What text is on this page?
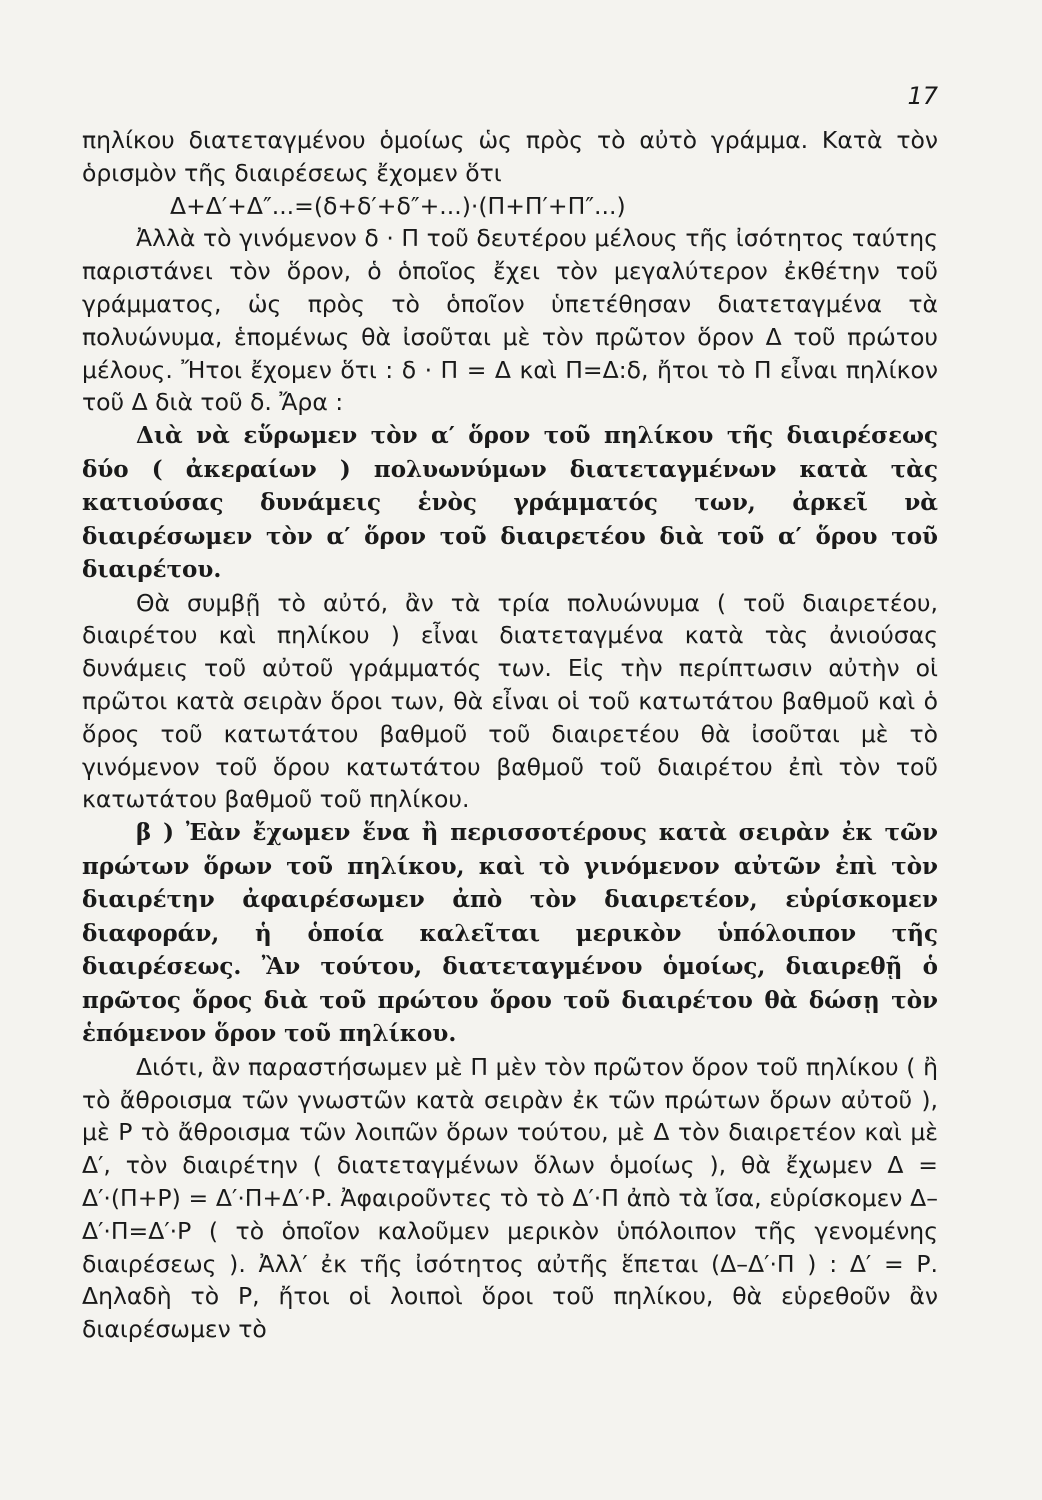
17

πηλίκου διατεταγμένου ὁμοίως ὡς πρὸς τὸ αὐτὸ γράμμα. Κατὰ τὸν ὁρισμὸν τῆς διαιρέσεως ἔχομεν ὅτι

Δ+Δ′+Δ″...=(δ+δ′+δ″+...)·(Π+Π′+Π″...)

Ἀλλὰ τὸ γινόμενον δ · Π τοῦ δευτέρου μέλους τῆς ἰσότητος ταύτης παριστάνει τὸν ὅρον, ὁ ὁποῖος ἔχει τὸν μεγαλύτερον ἐκθέτην τοῦ γράμματος, ὡς πρὸς τὸ ὁποῖον ὑπετέθησαν διατεταγμένα τὰ πολυώνυμα, ἑπομένως θὰ ἰσοῦται μὲ τὸν πρῶτον ὅρον Δ τοῦ πρώτου μέλους. Ἤτοι ἔχομεν ὅτι : δ · Π = Δ καὶ Π=Δ:δ, ἤτοι τὸ Π εἶναι πηλίκον τοῦ Δ διὰ τοῦ δ. Ἄρα :

Διὰ νὰ εὕρωμεν τὸν α′ ὅρον τοῦ πηλίκου τῆς διαιρέσεως δύο ( ἀκεραίων ) πολυωνύμων διατεταγμένων κατὰ τὰς κατιούσας δυνάμεις ἑνὸς γράμματός των, ἀρκεῖ νὰ διαιρέσωμεν τὸν α′ ὅρον τοῦ διαιρετέου διὰ τοῦ α′ ὅρου τοῦ διαιρέτου.

Θὰ συμβῇ τὸ αὐτό, ἂν τὰ τρία πολυώνυμα ( τοῦ διαιρετέου, διαιρέτου καὶ πηλίκου ) εἶναι διατεταγμένα κατὰ τὰς ἀνιούσας δυνάμεις τοῦ αὐτοῦ γράμματός των. Εἰς τὴν περίπτωσιν αὐτὴν οἱ πρῶτοι κατὰ σειρὰν ὅροι των, θὰ εἶναι οἱ τοῦ κατωτάτου βαθμοῦ καὶ ὁ ὅρος τοῦ κατωτάτου βαθμοῦ τοῦ διαιρετέου θὰ ἰσοῦται μὲ τὸ γινόμενον τοῦ ὅρου κατωτάτου βαθμοῦ τοῦ διαιρέτου ἐπὶ τὸν τοῦ κατωτάτου βαθμοῦ τοῦ πηλίκου.

β ) Ἐὰν ἔχωμεν ἕνα ἢ περισσοτέρους κατὰ σειρὰν ἐκ τῶν πρώτων ὅρων τοῦ πηλίκου, καὶ τὸ γινόμενον αὐτῶν ἐπὶ τὸν διαιρέτην ἀφαιρέσωμεν ἀπὸ τὸν διαιρετέον, εὑρίσκομεν διαφοράν, ἡ ὁποία καλεῖται μερικὸν ὑπόλοιπον τῆς διαιρέσεως. Ἂν τούτου, διατεταγμένου ὁμοίως, διαιρεθῇ ὁ πρῶτος ὅρος διὰ τοῦ πρώτου ὅρου τοῦ διαιρέτου θὰ δώσῃ τὸν ἑπόμενον ὅρον τοῦ πηλίκου.

Διότι, ἂν παραστήσωμεν μὲ Π μὲν τὸν πρῶτον ὅρον τοῦ πηλίκου ( ἢ τὸ ἄθροισμα τῶν γνωστῶν κατὰ σειρὰν ἐκ τῶν πρώτων ὅρων αὐτοῦ ), μὲ Ρ τὸ ἄθροισμα τῶν λοιπῶν ὅρων τούτου, μὲ Δ τὸν διαιρετέον καὶ μὲ Δ′, τὸν διαιρέτην ( διατεταγμένων ὅλων ὁμοίως ), θὰ ἔχωμεν Δ = Δ′·(Π+Ρ) = Δ′·Π+Δ′·Ρ. Ἀφαιροῦντες τὸ τὸ Δ′·Π ἀπὸ τὰ ἴσα, εὑρίσκομεν Δ–Δ′·Π=Δ′·Ρ ( τὸ ὁποῖον καλοῦμεν μερικὸν ὑπόλοιπον τῆς γενομένης διαιρέσεως ). Ἀλλ′ ἐκ τῆς ἰσότητος αὐτῆς ἕπεται (Δ–Δ′·Π ) : Δ′ = Ρ. Δηλαδὴ τὸ Ρ, ἤτοι οἱ λοιποὶ ὅροι τοῦ πηλίκου, θὰ εὑρεθοῦν ἂν διαιρέσωμεν τὸ
